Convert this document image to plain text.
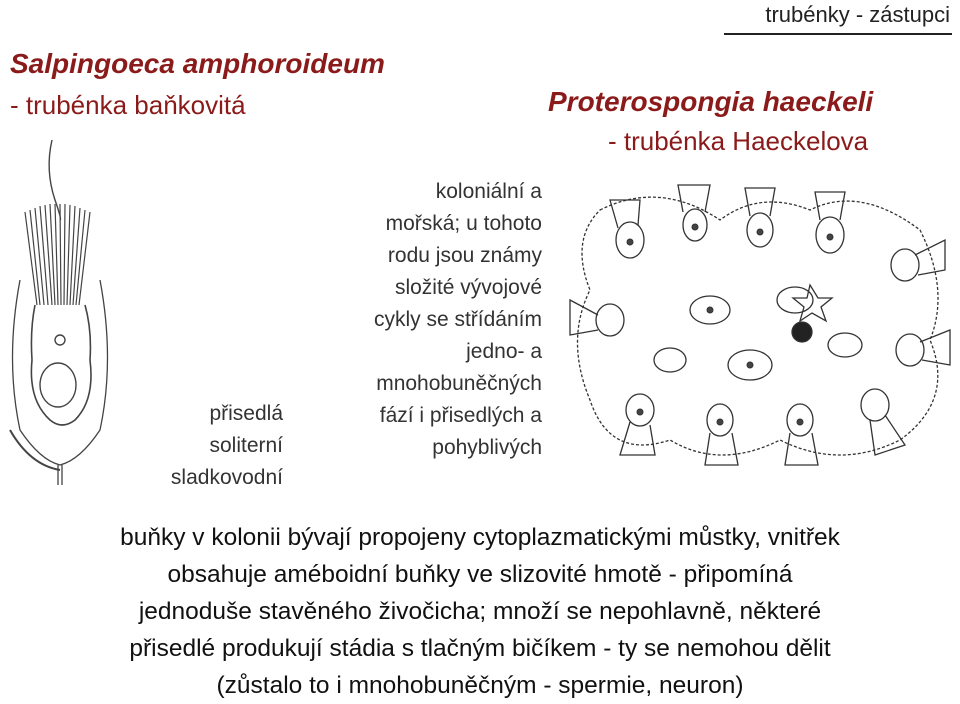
trubénky - zástupci
Salpingoeca amphoroideum
- trubénka baňkovitá	Proterospongia haeckeli
- trubénka Haeckelova
koloniální a
mořská; u tohoto
rodu jsou známy
složité vývojové
cykly se střídáním
jedno- a
mnohobuněčných
fází i přisedlých a
pohyblivých
přisedlá
soliterní
sladkovodní
buňky v kolonii bývají propojeny cytoplazmatickými můstky, vnitřek
obsahuje améboidní buňky ve slizovité hmotě - připomíná
jednoduše stavěného živočicha; množí se nepohlavně, některé
přisedlé produkují stádia s tlačným bičíkem - ty se nemohou dělit
(zůstalo to i mnohobuněčným - spermie, neuron)
